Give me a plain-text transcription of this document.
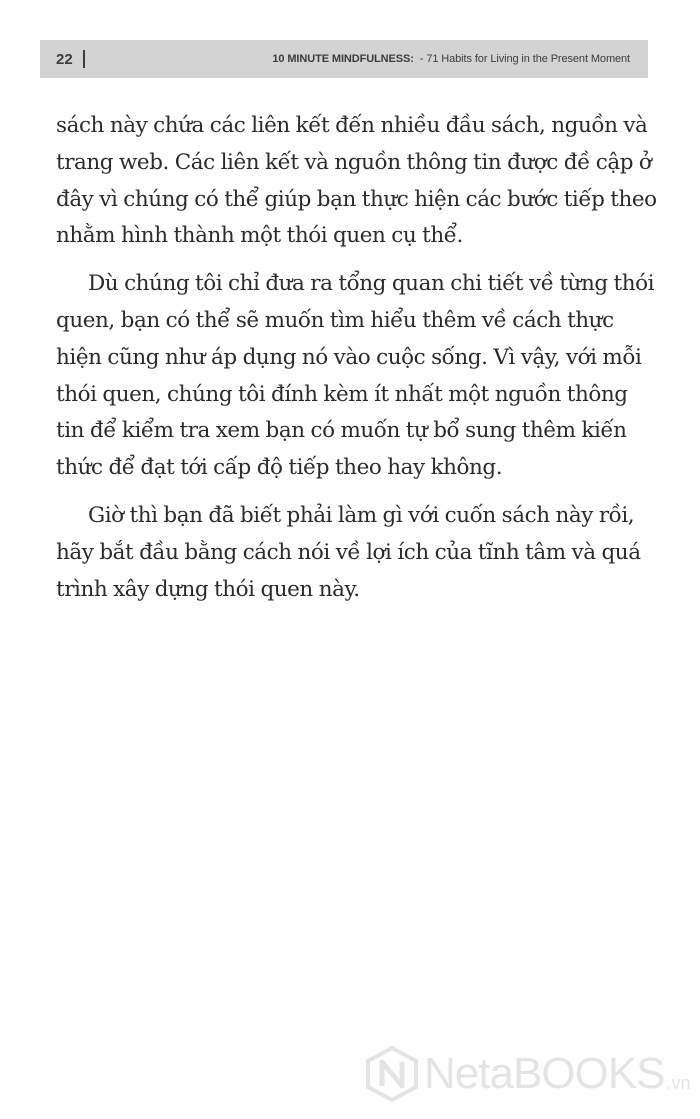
22	10 MINUTE MINDFULNESS: - 71 Habits for Living in the Present Moment

sách này chứa các liên kết đến nhiều đầu sách, nguồn và
trang web. Các liên kết và nguồn thông tin được đề cập ở
đây vì chúng có thể giúp bạn thực hiện các bước tiếp theo
nhằm hình thành một thói quen cụ thể.

Dù chúng tôi chỉ đưa ra tổng quan chi tiết về từng thói
quen, bạn có thể sẽ muốn tìm hiểu thêm về cách thực
hiện cũng như áp dụng nó vào cuộc sống. Vì vậy, với mỗi
thói quen, chúng tôi đính kèm ít nhất một nguồn thông
tin để kiểm tra xem bạn có muốn tự bổ sung thêm kiến
thức để đạt tới cấp độ tiếp theo hay không.

Giờ thì bạn đã biết phải làm gì với cuốn sách này rồi,
hãy bắt đầu bằng cách nói về lợi ích của tĩnh tâm và quá
trình xây dựng thói quen này.

NetaBOOKS .vn
